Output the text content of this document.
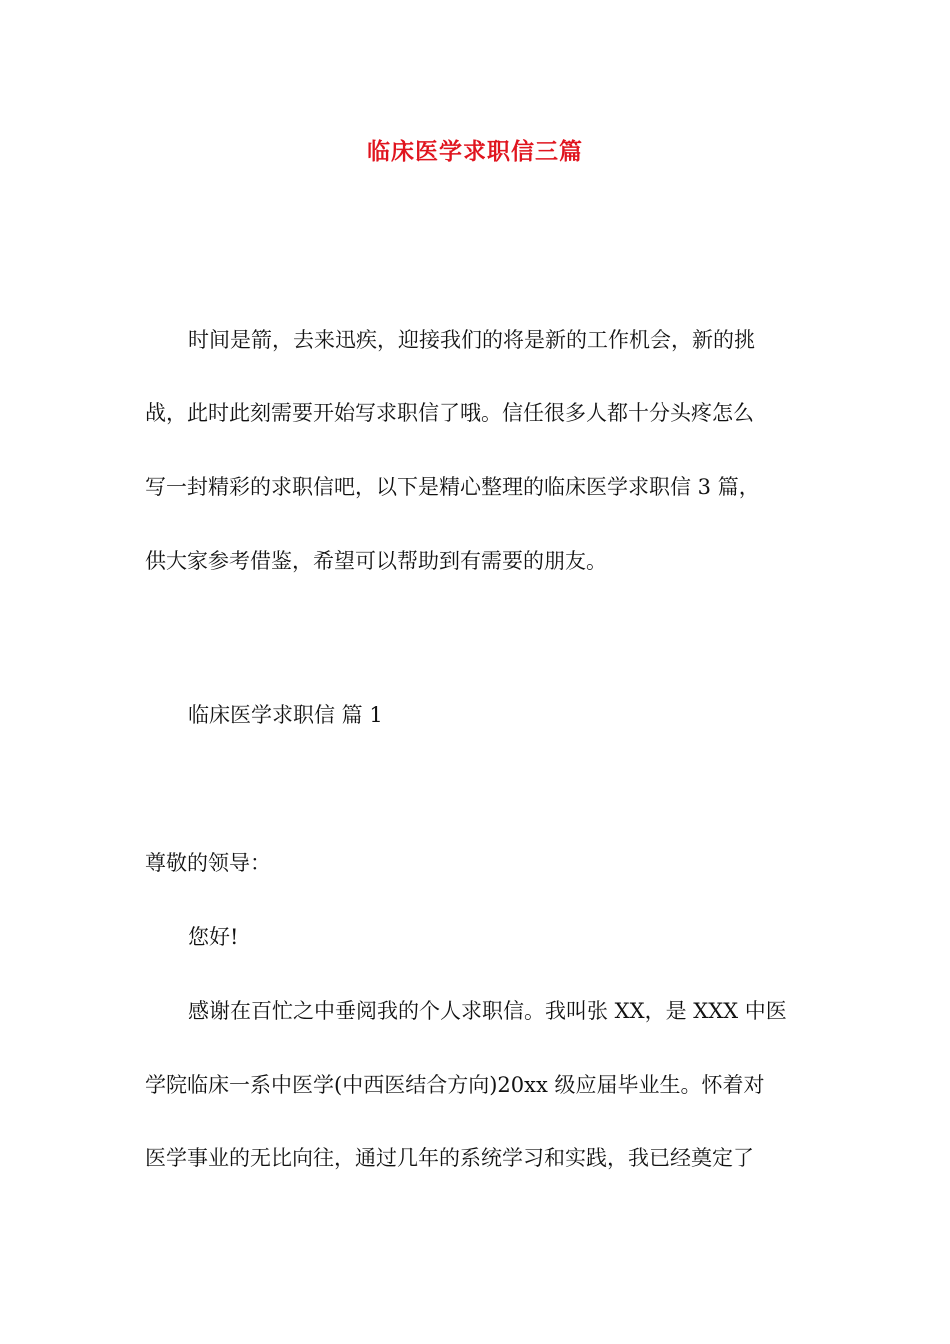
临床医学求职信三篇

时间是箭，去来迅疾，迎接我们的将是新的工作机会，新的挑

战，此时此刻需要开始写求职信了哦。信任很多人都十分头疼怎么

写一封精彩的求职信吧，以下是精心整理的临床医学求职信 3 篇，

供大家参考借鉴，希望可以帮助到有需要的朋友。

临床医学求职信 篇 1

尊敬的领导：

您好!

感谢在百忙之中垂阅我的个人求职信。我叫张 XX，是 XXX 中医

学院临床一系中医学(中西医结合方向)20xx 级应届毕业生。怀着对

医学事业的无比向往，通过几年的系统学习和实践，我已经奠定了
